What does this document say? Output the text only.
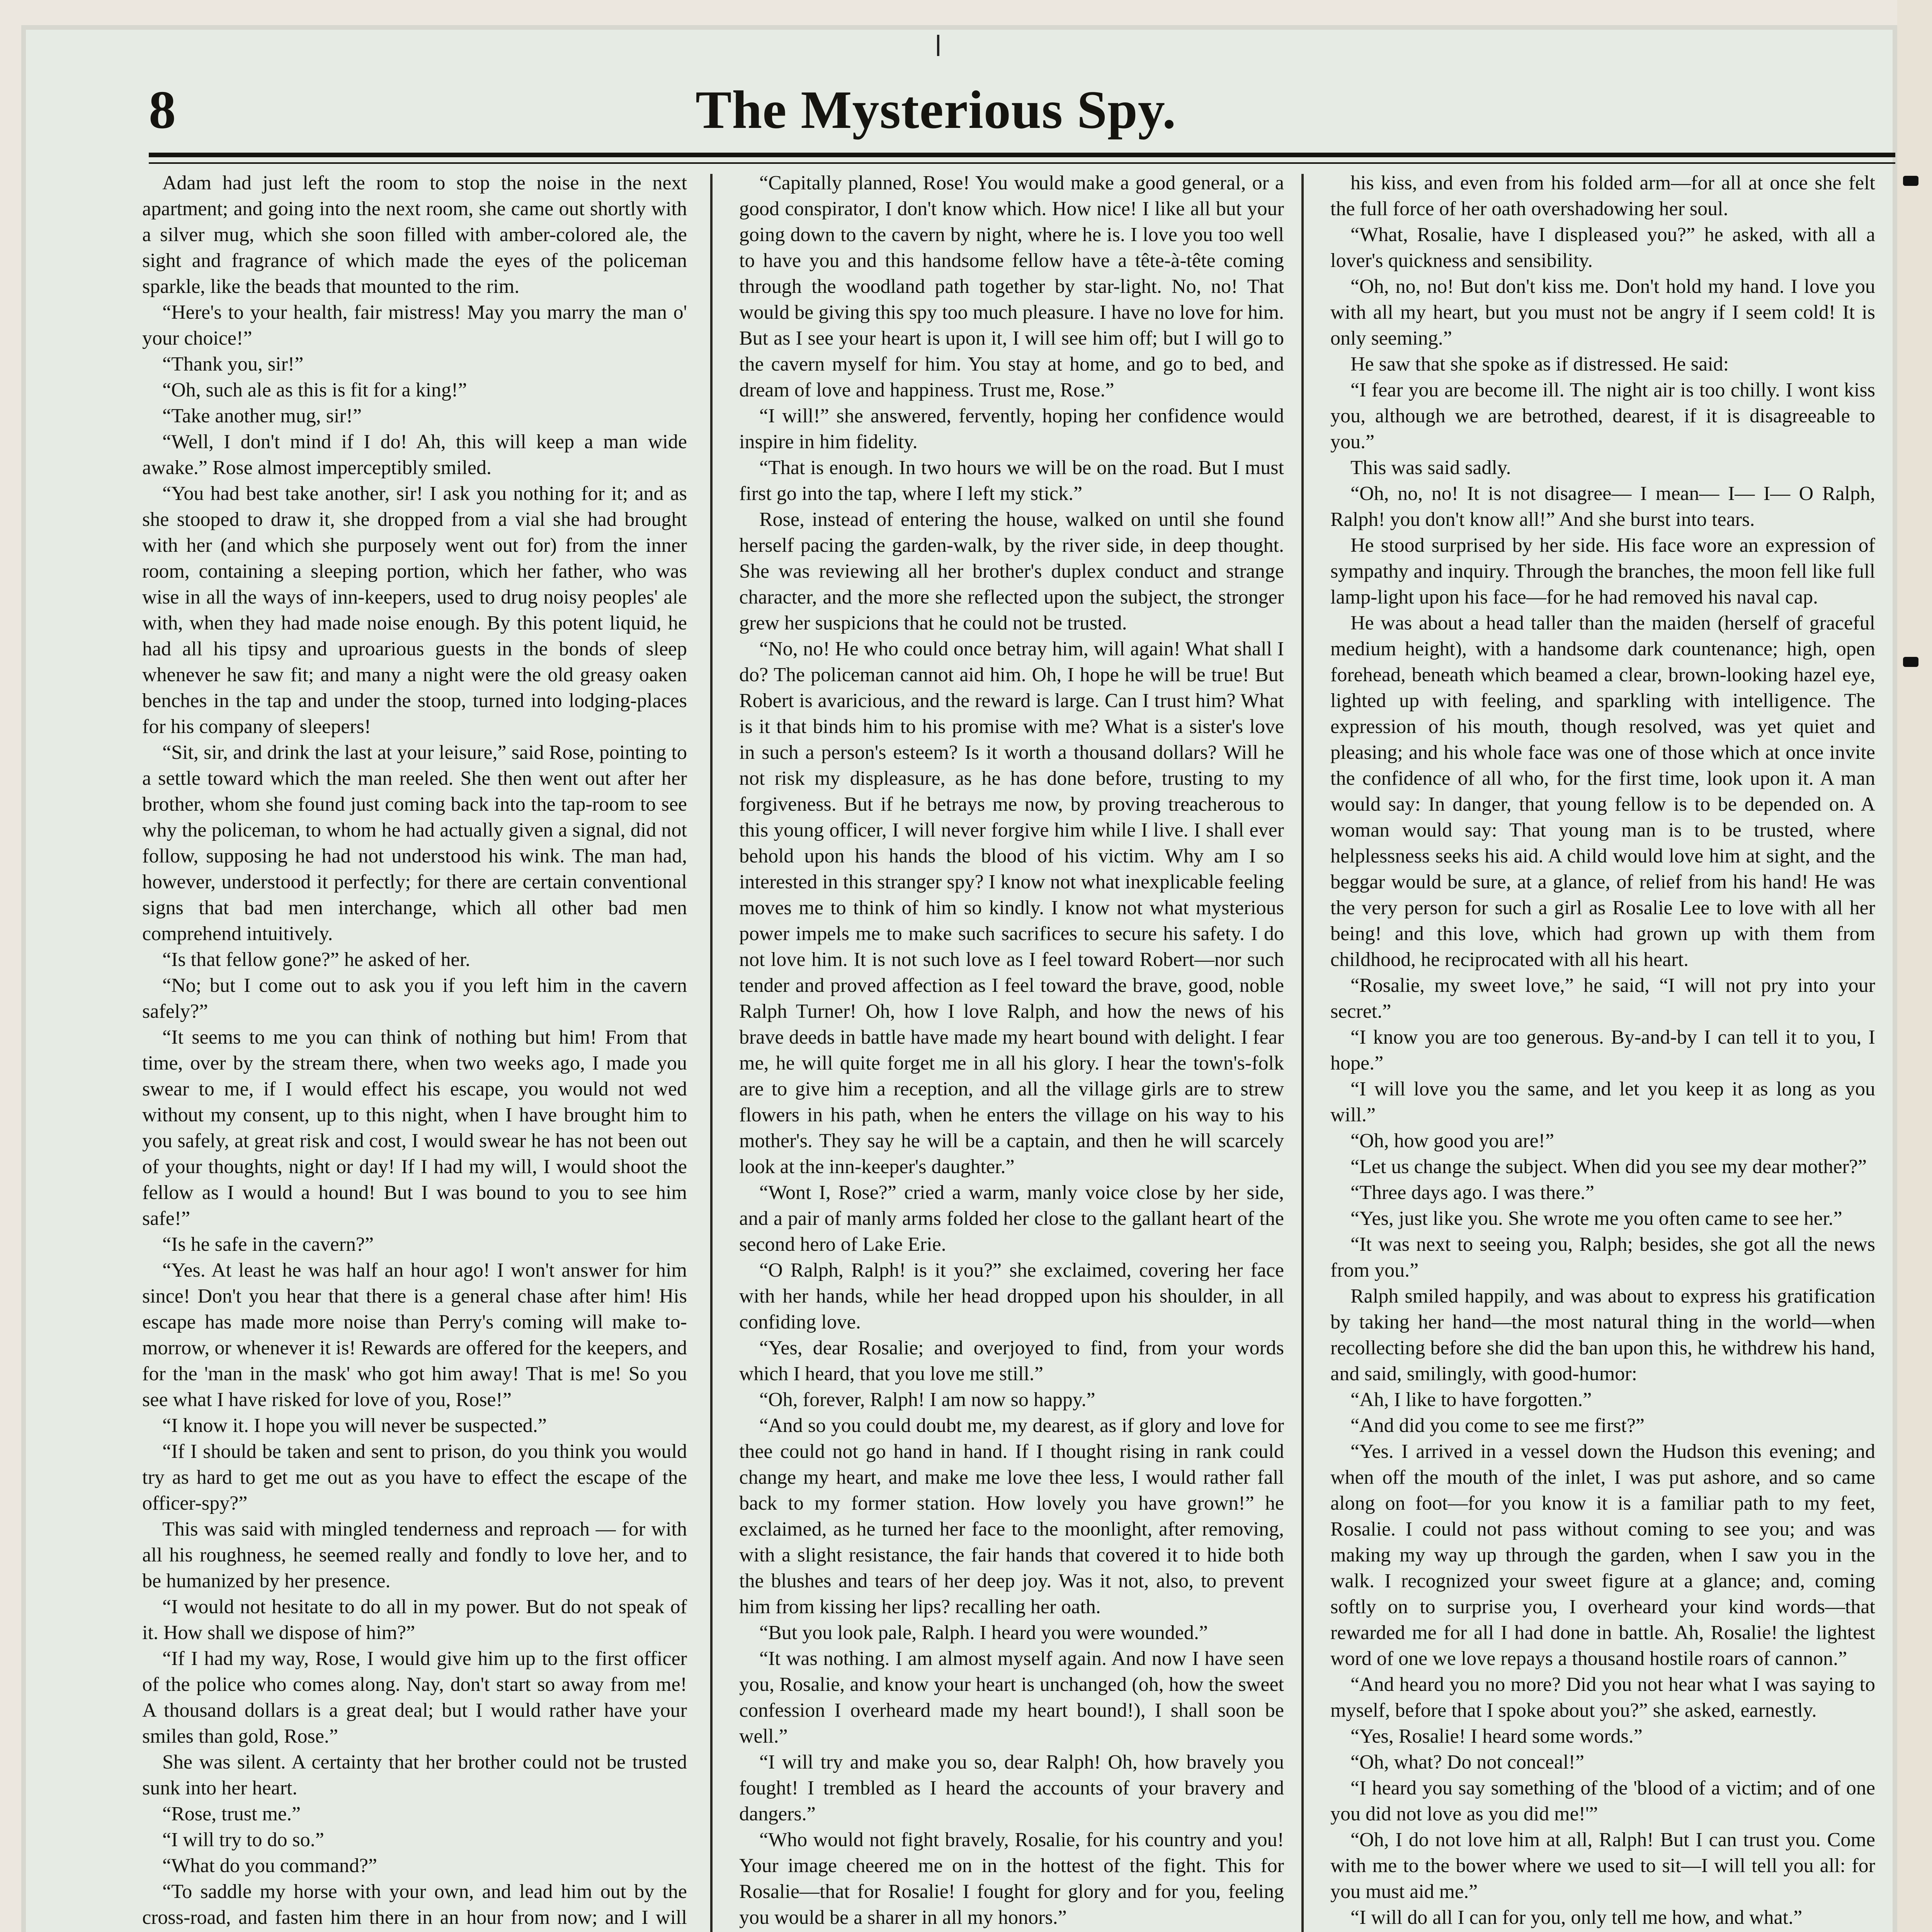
8	The Mysterious Spy.

Adam had just left the room to stop the noise in the next apartment; and going into the next room, she came out shortly with a silver mug, which she soon filled with amber-colored ale, the sight and fragrance of which made the eyes of the policeman sparkle, like the beads that mounted to the rim.

“Here's to your health, fair mistress! May you marry the man o' your choice!”

“Thank you, sir!”

“Oh, such ale as this is fit for a king!”

“Take another mug, sir!”

“Well, I don't mind if I do! Ah, this will keep a man wide awake.” Rose almost imperceptibly smiled.

“You had best take another, sir! I ask you nothing for it; and as she stooped to draw it, she dropped from a vial she had brought with her (and which she purposely went out for) from the inner room, containing a sleeping portion, which her father, who was wise in all the ways of inn-keepers, used to drug noisy peoples' ale with, when they had made noise enough. By this potent liquid, he had all his tipsy and uproarious guests in the bonds of sleep whenever he saw fit; and many a night were the old greasy oaken benches in the tap and under the stoop, turned into lodging-places for his company of sleepers!

“Sit, sir, and drink the last at your leisure,” said Rose, pointing to a settle toward which the man reeled. She then went out after her brother, whom she found just coming back into the tap-room to see why the policeman, to whom he had actually given a signal, did not follow, supposing he had not understood his wink. The man had, however, understood it perfectly; for there are certain conventional signs that bad men interchange, which all other bad men comprehend intuitively.

“Is that fellow gone?” he asked of her.

“No; but I come out to ask you if you left him in the cavern safely?”

“It seems to me you can think of nothing but him! From that time, over by the stream there, when two weeks ago, I made you swear to me, if I would effect his escape, you would not wed without my consent, up to this night, when I have brought him to you safely, at great risk and cost, I would swear he has not been out of your thoughts, night or day! If I had my will, I would shoot the fellow as I would a hound! But I was bound to you to see him safe!”

“Is he safe in the cavern?”

“Yes. At least he was half an hour ago! I won't answer for him since! Don't you hear that there is a general chase after him! His escape has made more noise than Perry's coming will make to-morrow, or whenever it is! Rewards are offered for the keepers, and for the 'man in the mask' who got him away! That is me! So you see what I have risked for love of you, Rose!”

“I know it. I hope you will never be suspected.”

“If I should be taken and sent to prison, do you think you would try as hard to get me out as you have to effect the escape of the officer-spy?”

This was said with mingled tenderness and reproach — for with all his roughness, he seemed really and fondly to love her, and to be humanized by her presence.

“I would not hesitate to do all in my power. But do not speak of it. How shall we dispose of him?”

“If I had my way, Rose, I would give him up to the first officer of the police who comes along. Nay, don't start so away from me! A thousand dollars is a great deal; but I would rather have your smiles than gold, Rose.”

She was silent. A certainty that her brother could not be trusted sunk into her heart.

“Rose, trust me.”

“I will try to do so.”

“What do you command?”

“To saddle my horse with your own, and lead him out by the cross-road, and fasten him there in an hour from now; and I will

“Capitally planned, Rose! You would make a good general, or a good conspirator, I don't know which. How nice! I like all but your going down to the cavern by night, where he is. I love you too well to have you and this handsome fellow have a tête-à-tête coming through the woodland path together by star-light. No, no! That would be giving this spy too much pleasure. I have no love for him. But as I see your heart is upon it, I will see him off; but I will go to the cavern myself for him. You stay at home, and go to bed, and dream of love and happiness. Trust me, Rose.”

“I will!” she answered, fervently, hoping her confidence would inspire in him fidelity.

“That is enough. In two hours we will be on the road. But I must first go into the tap, where I left my stick.”

Rose, instead of entering the house, walked on until she found herself pacing the garden-walk, by the river side, in deep thought. She was reviewing all her brother's duplex conduct and strange character, and the more she reflected upon the subject, the stronger grew her suspicions that he could not be trusted.

“No, no! He who could once betray him, will again! What shall I do? The policeman cannot aid him. Oh, I hope he will be true! But Robert is avaricious, and the reward is large. Can I trust him? What is it that binds him to his promise with me? What is a sister's love in such a person's esteem? Is it worth a thousand dollars? Will he not risk my displeasure, as he has done before, trusting to my forgiveness. But if he betrays me now, by proving treacherous to this young officer, I will never forgive him while I live. I shall ever behold upon his hands the blood of his victim. Why am I so interested in this stranger spy? I know not what inexplicable feeling moves me to think of him so kindly. I know not what mysterious power impels me to make such sacrifices to secure his safety. I do not love him. It is not such love as I feel toward Robert—nor such tender and proved affection as I feel toward the brave, good, noble Ralph Turner! Oh, how I love Ralph, and how the news of his brave deeds in battle have made my heart bound with delight. I fear me, he will quite forget me in all his glory. I hear the town's-folk are to give him a reception, and all the village girls are to strew flowers in his path, when he enters the village on his way to his mother's. They say he will be a captain, and then he will scarcely look at the inn-keeper's daughter.”

“Wont I, Rose?” cried a warm, manly voice close by her side, and a pair of manly arms folded her close to the gallant heart of the second hero of Lake Erie.

“O Ralph, Ralph! is it you?” she exclaimed, covering her face with her hands, while her head dropped upon his shoulder, in all confiding love.

“Yes, dear Rosalie; and overjoyed to find, from your words which I heard, that you love me still.”

“Oh, forever, Ralph! I am now so happy.”

“And so you could doubt me, my dearest, as if glory and love for thee could not go hand in hand. If I thought rising in rank could change my heart, and make me love thee less, I would rather fall back to my former station. How lovely you have grown!” he exclaimed, as he turned her face to the moonlight, after removing, with a slight resistance, the fair hands that covered it to hide both the blushes and tears of her deep joy. Was it not, also, to prevent him from kissing her lips? recalling her oath.

“But you look pale, Ralph. I heard you were wounded.”

“It was nothing. I am almost myself again. And now I have seen you, Rosalie, and know your heart is unchanged (oh, how the sweet confession I overheard made my heart bound!), I shall soon be well.”

“I will try and make you so, dear Ralph! Oh, how bravely you fought! I trembled as I heard the accounts of your bravery and dangers.”

“Who would not fight bravely, Rosalie, for his country and you! Your image cheered me on in the hottest of the fight. This for Rosalie—that for Rosalie! I fought for glory and for you, feeling you would be a sharer in all my honors.”

his kiss, and even from his folded arm—for all at once she felt the full force of her oath overshadowing her soul.

“What, Rosalie, have I displeased you?” he asked, with all a lover's quickness and sensibility.

“Oh, no, no! But don't kiss me. Don't hold my hand. I love you with all my heart, but you must not be angry if I seem cold! It is only seeming.”

He saw that she spoke as if distressed. He said:

“I fear you are become ill. The night air is too chilly. I wont kiss you, although we are betrothed, dearest, if it is disagreeable to you.”

This was said sadly.

“Oh, no, no! It is not disagree— I mean— I— I— O Ralph, Ralph! you don't know all!” And she burst into tears.

He stood surprised by her side. His face wore an expression of sympathy and inquiry. Through the branches, the moon fell like full lamp-light upon his face—for he had removed his naval cap.

He was about a head taller than the maiden (herself of graceful medium height), with a handsome dark countenance; high, open forehead, beneath which beamed a clear, brown-looking hazel eye, lighted up with feeling, and sparkling with intelligence. The expression of his mouth, though resolved, was yet quiet and pleasing; and his whole face was one of those which at once invite the confidence of all who, for the first time, look upon it. A man would say: In danger, that young fellow is to be depended on. A woman would say: That young man is to be trusted, where helplessness seeks his aid. A child would love him at sight, and the beggar would be sure, at a glance, of relief from his hand! He was the very person for such a girl as Rosalie Lee to love with all her being! and this love, which had grown up with them from childhood, he reciprocated with all his heart.

“Rosalie, my sweet love,” he said, “I will not pry into your secret.”

“I know you are too generous. By-and-by I can tell it to you, I hope.”

“I will love you the same, and let you keep it as long as you will.”

“Oh, how good you are!”

“Let us change the subject. When did you see my dear mother?”

“Three days ago. I was there.”

“Yes, just like you. She wrote me you often came to see her.”

“It was next to seeing you, Ralph; besides, she got all the news from you.”

Ralph smiled happily, and was about to express his gratification by taking her hand—the most natural thing in the world—when recollecting before she did the ban upon this, he withdrew his hand, and said, smilingly, with good-humor:

“Ah, I like to have forgotten.”

“And did you come to see me first?”

“Yes. I arrived in a vessel down the Hudson this evening; and when off the mouth of the inlet, I was put ashore, and so came along on foot—for you know it is a familiar path to my feet, Rosalie. I could not pass without coming to see you; and was making my way up through the garden, when I saw you in the walk. I recognized your sweet figure at a glance; and, coming softly on to surprise you, I overheard your kind words—that rewarded me for all I had done in battle. Ah, Rosalie! the lightest word of one we love repays a thousand hostile roars of cannon.”

“And heard you no more? Did you not hear what I was saying to myself, before that I spoke about you?” she asked, earnestly.

“Yes, Rosalie! I heard some words.”

“Oh, what? Do not conceal!”

“I heard you say something of the 'blood of a victim; and of one you did not love as you did me!'”

“Oh, I do not love him at all, Ralph! But I can trust you. Come with me to the bower where we used to sit—I will tell you all: for you must aid me.”

“I will do all I can for you, only tell me how, and what.”
